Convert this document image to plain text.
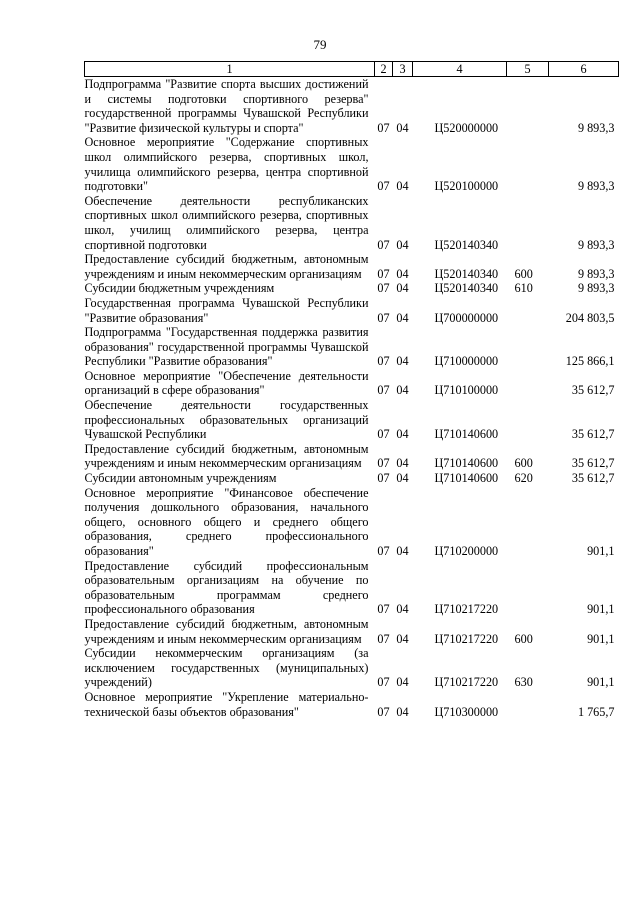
79
1	2	3	4	5	6
Подпрограмма "Развитие спорта высших достижений и системы подготовки спортивного резерва" государственной программы Чувашской Республики "Развитие физической культуры и спорта"	07	04	Ц520000000		9 893,3
Основное мероприятие "Содержание спортивных школ олимпийского резерва, спортивных школ, училища олимпийского резерва, центра спортивной подготовки"	07	04	Ц520100000		9 893,3
Обеспечение деятельности республиканских спортивных школ олимпийского резерва, спортивных школ, училищ олимпийского резерва, центра спортивной подготовки	07	04	Ц520140340		9 893,3
Предоставление субсидий бюджетным, автономным учреждениям и иным некоммерческим организациям	07	04	Ц520140340	600	9 893,3
Субсидии бюджетным учреждениям	07	04	Ц520140340	610	9 893,3
Государственная программа Чувашской Республики "Развитие образования"	07	04	Ц700000000		204 803,5
Подпрограмма "Государственная поддержка развития образования" государственной программы Чувашской Республики "Развитие образования"	07	04	Ц710000000		125 866,1
Основное мероприятие "Обеспечение деятельности организаций в сфере образования"	07	04	Ц710100000		35 612,7
Обеспечение деятельности государственных профессиональных образовательных организаций Чувашской Республики	07	04	Ц710140600		35 612,7
Предоставление субсидий бюджетным, автономным учреждениям и иным некоммерческим организациям	07	04	Ц710140600	600	35 612,7
Субсидии автономным учреждениям	07	04	Ц710140600	620	35 612,7
Основное мероприятие "Финансовое обеспечение получения дошкольного образования, начального общего, основного общего и среднего общего образования, среднего профессионального образования"	07	04	Ц710200000		901,1
Предоставление субсидий профессиональным образовательным организациям на обучение по образовательным программам среднего профессионального образования	07	04	Ц710217220		901,1
Предоставление субсидий бюджетным, автономным учреждениям и иным некоммерческим организациям	07	04	Ц710217220	600	901,1
Субсидии некоммерческим организациям (за исключением государственных (муниципальных) учреждений)	07	04	Ц710217220	630	901,1
Основное мероприятие "Укрепление материально-технической базы объектов образования"	07	04	Ц710300000		1 765,7
